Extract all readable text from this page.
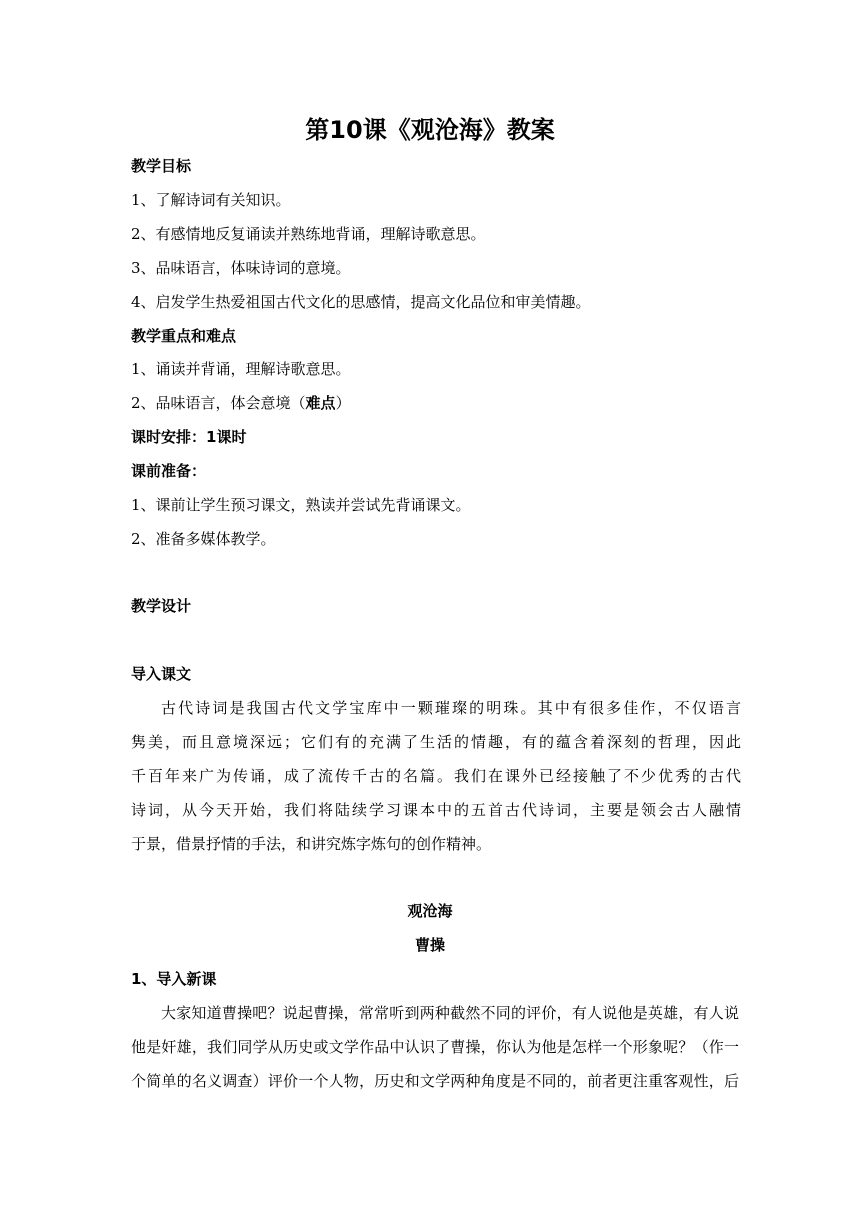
第10课《观沧海》教案

教学目标

1、了解诗词有关知识。

2、有感情地反复诵读并熟练地背诵，理解诗歌意思。

3、品味语言，体味诗词的意境。

4、启发学生热爱祖国古代文化的思感情，提高文化品位和审美情趣。

教学重点和难点

1、诵读并背诵，理解诗歌意思。

2、品味语言，体会意境（难点）

课时安排：1课时

课前准备：

1、课前让学生预习课文，熟读并尝试先背诵课文。

2、准备多媒体教学。

教学设计

导入课文

古代诗词是我国古代文学宝库中一颗璀璨的明珠。其中有很多佳作，不仅语言

隽美，而且意境深远；它们有的充满了生活的情趣，有的蕴含着深刻的哲理，因此

千百年来广为传诵，成了流传千古的名篇。我们在课外已经接触了不少优秀的古代

诗词，从今天开始，我们将陆续学习课本中的五首古代诗词，主要是领会古人融情

于景，借景抒情的手法，和讲究炼字炼句的创作精神。

观沧海

曹操

1、导入新课

大家知道曹操吧？说起曹操，常常听到两种截然不同的评价，有人说他是英雄，有人说

他是奸雄，我们同学从历史或文学作品中认识了曹操，你认为他是怎样一个形象呢？（作一

个简单的名义调查）评价一个人物，历史和文学两种角度是不同的，前者更注重客观性，后
